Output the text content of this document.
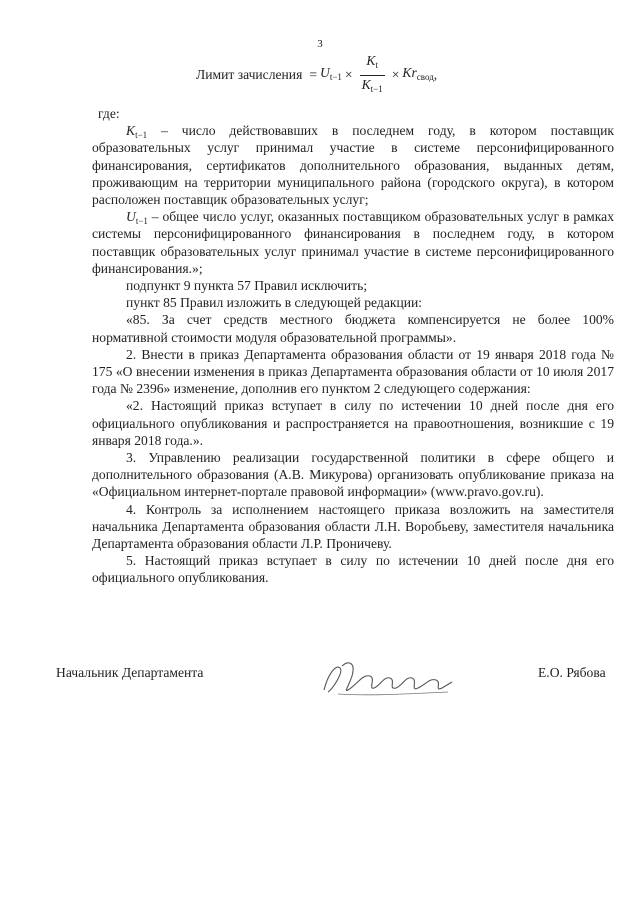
3
Лимит зачисления = $U_{t-1} \times \frac{K_t}{K_{t-1}} \times Kr_{свод}$ ,

где:

$K_{t-1}$ – число действовавших в последнем году, в котором поставщик образовательных услуг принимал участие в системе персонифицированного финансирования, сертификатов дополнительного образования, выданных детям, проживающим на территории муниципального района (городского округа), в котором расположен поставщик образовательных услуг;

$U_{t-1}$ – общее число услуг, оказанных поставщиком образовательных услуг в рамках системы персонифицированного финансирования в последнем году, в котором поставщик образовательных услуг принимал участие в системе персонифицированного финансирования.»;

подпункт 9 пункта 57 Правил исключить;

пункт 85 Правил изложить в следующей редакции:

«85. За счет средств местного бюджета компенсируется не более 100% нормативной стоимости модуля образовательной программы».

2. Внести в приказ Департамента образования области от 19 января 2018 года № 175 «О внесении изменения в приказ Департамента образования области от 10 июля 2017 года № 2396» изменение, дополнив его пунктом 2 следующего содержания:

«2. Настоящий приказ вступает в силу по истечении 10 дней после дня его официального опубликования и распространяется на правоотношения, возникшие с 19 января 2018 года.».

3. Управлению реализации государственной политики в сфере общего и дополнительного образования (А.В. Микурова) организовать опубликование приказа на «Официальном интернет-портале правовой информации» (www.pravo.gov.ru).

4. Контроль за исполнением настоящего приказа возложить на заместителя начальника Департамента образования области Л.Н. Воробьеву, заместителя начальника Департамента образования области Л.Р. Проничеву.

5. Настоящий приказ вступает в силу по истечении 10 дней после дня его официального опубликования.

Начальник Департамента	Е.О. Рябова
